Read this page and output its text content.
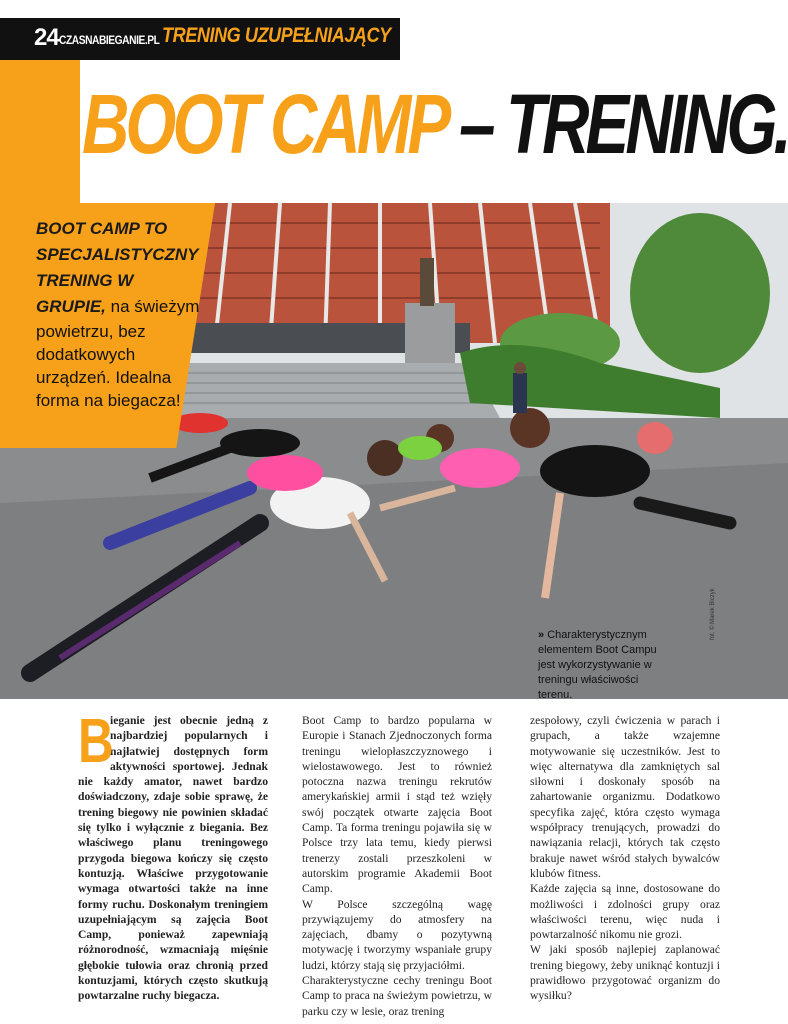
24 CZASNABIEGANIE.PL TRENING UZUPEŁNIAJĄCY
BOOT CAMP – TRENING.
BOOT CAMP TO SPECJALISTYCZNY TRENING W GRUPIE, na świeżym powietrzu, bez dodatkowych urządzeń. Idealna forma na biegacza!
» Charakterystycznym elementem Boot Campu jest wykorzystywanie w treningu właściwości terenu.
fot. © Marek Biczyk
B
ieganie jest obecnie jedną z najbardziej popularnych i najłatwiej dostępnych form aktywności sportowej. Jednak nie każdy amator, nawet bardzo doświadczony, zdaje sobie sprawę, że trening biegowy nie powinien składać się tylko i wyłącznie z biegania. Bez właściwego planu treningowego przygoda biegowa kończy się często kontuzją. Właściwe przygotowanie wymaga otwartości także na inne formy ruchu. Doskonałym treningiem uzupełniającym są zajęcia Boot Camp, ponieważ zapewniają różnorodność, wzmacniają mięśnie głębokie tułowia oraz chronią przed kontuzjami, których często skutkują powtarzalne ruchy biegacza.

Boot Camp to bardzo popularna w Europie i Stanach Zjednoczonych forma treningu wielopłaszczyznowego i wielostawowego. Jest to również potoczna nazwa treningu rekrutów amerykańskiej armii i stąd też wzięły swój początek otwarte zajęcia Boot Camp. Ta forma treningu pojawiła się w Polsce trzy lata temu, kiedy pierwsi trenerzy zostali przeszkoleni w autorskim programie Akademii Boot Camp.

W Polsce szczególną wagę przywiązujemy do atmosfery na zajęciach, dbamy o pozytywną motywację i tworzymy wspaniałe grupy ludzi, którzy stają się przyjaciółmi.

Charakterystyczne cechy treningu Boot Camp to praca na świeżym powietrzu, w parku czy w lesie, oraz trening

zespołowy, czyli ćwiczenia w parach i grupach, a także wzajemne motywowanie się uczestników. Jest to więc alternatywa dla zamkniętych sal siłowni i doskonały sposób na zahartowanie organizmu. Dodatkowo specyfika zajęć, która często wymaga współpracy trenujących, prowadzi do nawiązania relacji, których tak często brakuje nawet wśród stałych bywalców klubów fitness.

Każde zajęcia są inne, dostosowane do możliwości i zdolności grupy oraz właściwości terenu, więc nuda i powtarzalność nikomu nie grozi.

W jaki sposób najlepiej zaplanować trening biegowy, żeby uniknąć kontuzji i prawidłowo przygotować organizm do wysiłku?
